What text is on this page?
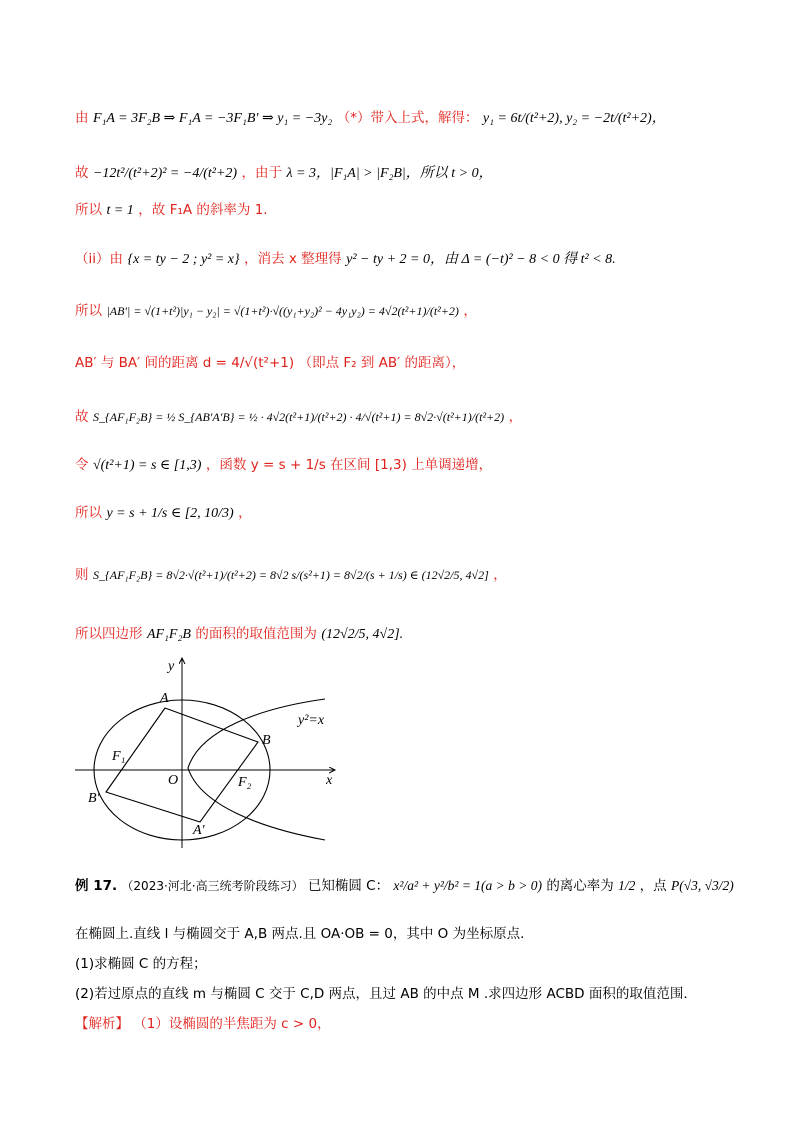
由 F₁A = 3F₂B ⇒ F₁A = −3F₁B′ ⇒ y₁ = −3y₂ （*）带入上式，解得： y₁ = 6t/(t²+2), y₂ = −2t/(t²+2)，
故 −12t²/(t²+2)² = −4/(t²+2) ，由于 λ = 3，|F₁A| > |F₂B|，所以 t > 0，
所以 t = 1 ，故 F₁A 的斜率为 1.
（ii）由 {x = ty − 2 ; y² = x} ，消去 x 整理得 y² − ty + 2 = 0，由 Δ = (−t)² − 8 < 0 得 t² < 8.
所以 |AB′| = √(1+t²)|y₁ − y₂| = √(1+t²)·√((y₁+y₂)² − 4y₁y₂) = 4√2(t²+1)/(t²+2) ，
AB′ 与 BA′ 间的距离 d = 4/√(t²+1) （即点 F₂ 到 AB′ 的距离），
故 S_{AF₁F₂B} = ½ S_{AB′A′B} = ½ · 4√2(t²+1)/(t²+2) · 4/√(t²+1) = 8√2·√(t²+1)/(t²+2) ，
令 √(t²+1) = s ∈ [1,3) ，函数 y = s + 1/s 在区间 [1,3) 上单调递增，
所以 y = s + 1/s ∈ [2, 10/3) ，
则 S_{AF₁F₂B} = 8√2·√(t²+1)/(t²+2) = 8√2 s/(s²+1) = 8√2/(s + 1/s) ∈ (12√2/5, 4√2] ，
所以四边形 AF₁F₂B 的面积的取值范围为 (12√2/5, 4√2].
A
B
B′
A′
F₁
F₂
O	x
y
y²=x
例 17. （2023·河北·高三统考阶段练习） 已知椭圆 C： x²/a² + y²/b² = 1(a > b > 0) 的离心率为 1/2 ，点 P(√3, √3/2)
在椭圆上.直线 l 与椭圆交于 A,B 两点.且 OA·OB = 0，其中 O 为坐标原点.
(1)求椭圆 C 的方程；
(2)若过原点的直线 m 与椭圆 C 交于 C,D 两点，且过 AB 的中点 M .求四边形 ACBD 面积的取值范围.
【解析】 （1）设椭圆的半焦距为 c > 0，
